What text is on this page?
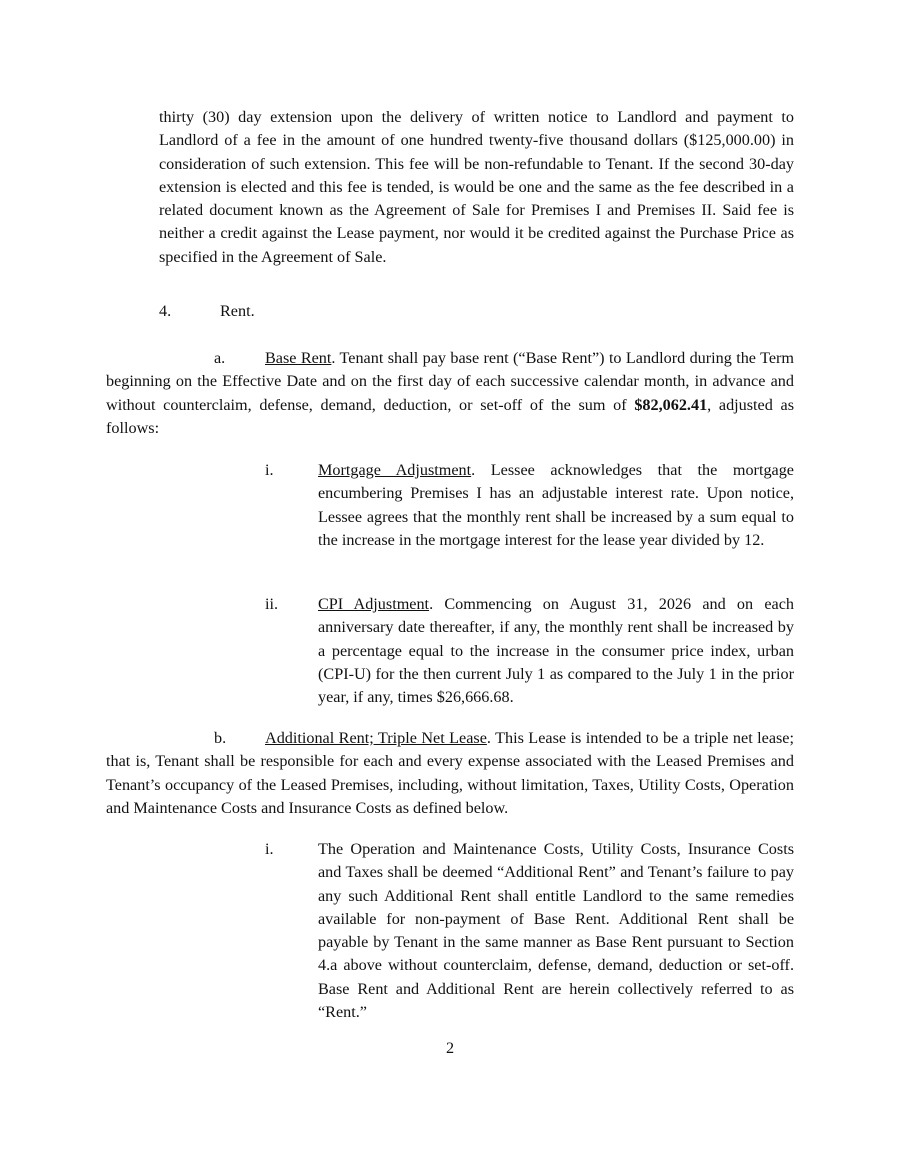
thirty (30) day extension upon the delivery of written notice to Landlord and payment to Landlord of a fee in the amount of one hundred twenty-five thousand dollars ($125,000.00) in consideration of such extension. This fee will be non-refundable to Tenant. If the second 30-day extension is elected and this fee is tended, is would be one and the same as the fee described in a related document known as the Agreement of Sale for Premises I and Premises II. Said fee is neither a credit against the Lease payment, nor would it be credited against the Purchase Price as specified in the Agreement of Sale.

4.	Rent.

a. Base Rent. Tenant shall pay base rent (“Base Rent”) to Landlord during the Term beginning on the Effective Date and on the first day of each successive calendar month, in advance and without counterclaim, defense, demand, deduction, or set-off of the sum of $82,062.41, adjusted as follows:

i.	Mortgage Adjustment. Lessee acknowledges that the mortgage encumbering Premises I has an adjustable interest rate. Upon notice, Lessee agrees that the monthly rent shall be increased by a sum equal to the increase in the mortgage interest for the lease year divided by 12.

ii. CPI Adjustment. Commencing on August 31, 2026 and on each anniversary date thereafter, if any, the monthly rent shall be increased by a percentage equal to the increase in the consumer price index, urban (CPI-U) for the then current July 1 as compared to the July 1 in the prior year, if any, times $26,666.68.

b. Additional Rent; Triple Net Lease. This Lease is intended to be a triple net lease; that is, Tenant shall be responsible for each and every expense associated with the Leased Premises and Tenant’s occupancy of the Leased Premises, including, without limitation, Taxes, Utility Costs, Operation and Maintenance Costs and Insurance Costs as defined below.

i.	The Operation and Maintenance Costs, Utility Costs, Insurance Costs and Taxes shall be deemed “Additional Rent” and Tenant’s failure to pay any such Additional Rent shall entitle Landlord to the same remedies available for non-payment of Base Rent. Additional Rent shall be payable by Tenant in the same manner as Base Rent pursuant to Section 4.a above without counterclaim, defense, demand, deduction or set-off. Base Rent and Additional Rent are herein collectively referred to as “Rent.”

2
